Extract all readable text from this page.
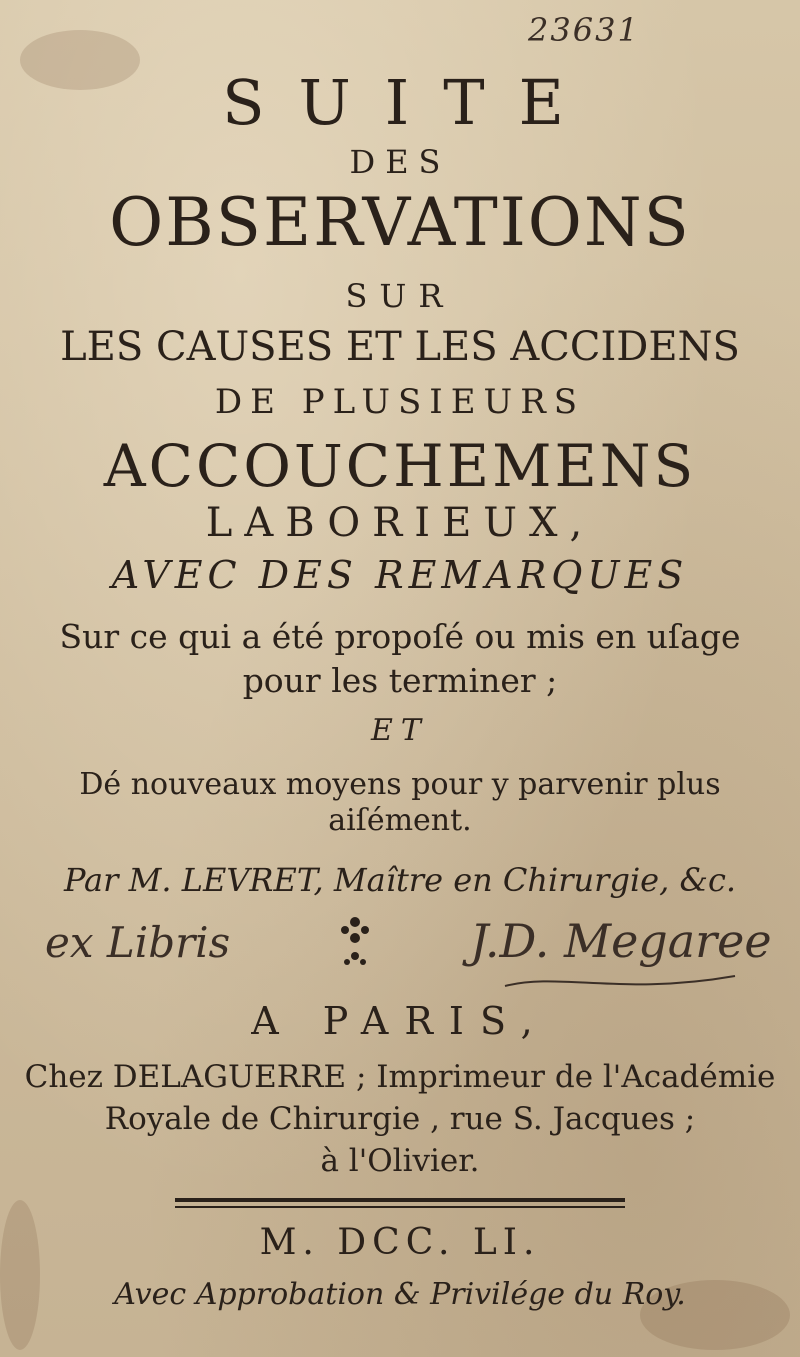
23631
SUITE
DES
OBSERVATIONS
SUR
LES CAUSES ET LES ACCIDENS
DE PLUSIEURS
ACCOUCHEMENS
LABORIEUX,
AVEC DES REMARQUES
Sur ce qui a été propoſé ou mis en uſage
pour les terminer ;
ET
Dé nouveaux moyens pour y parvenir plus
aiſément.
Par M. LEVRET, Maître en Chirurgie, &c.
ex Libris	J.D. Megaree
A PARIS,
Chez DELAGUERRE ; Imprimeur de l'Académie
Royale de Chirurgie , rue S. Jacques ;
à l'Olivier.
M. DCC. LI.
Avec Approbation & Privilége du Roy.
